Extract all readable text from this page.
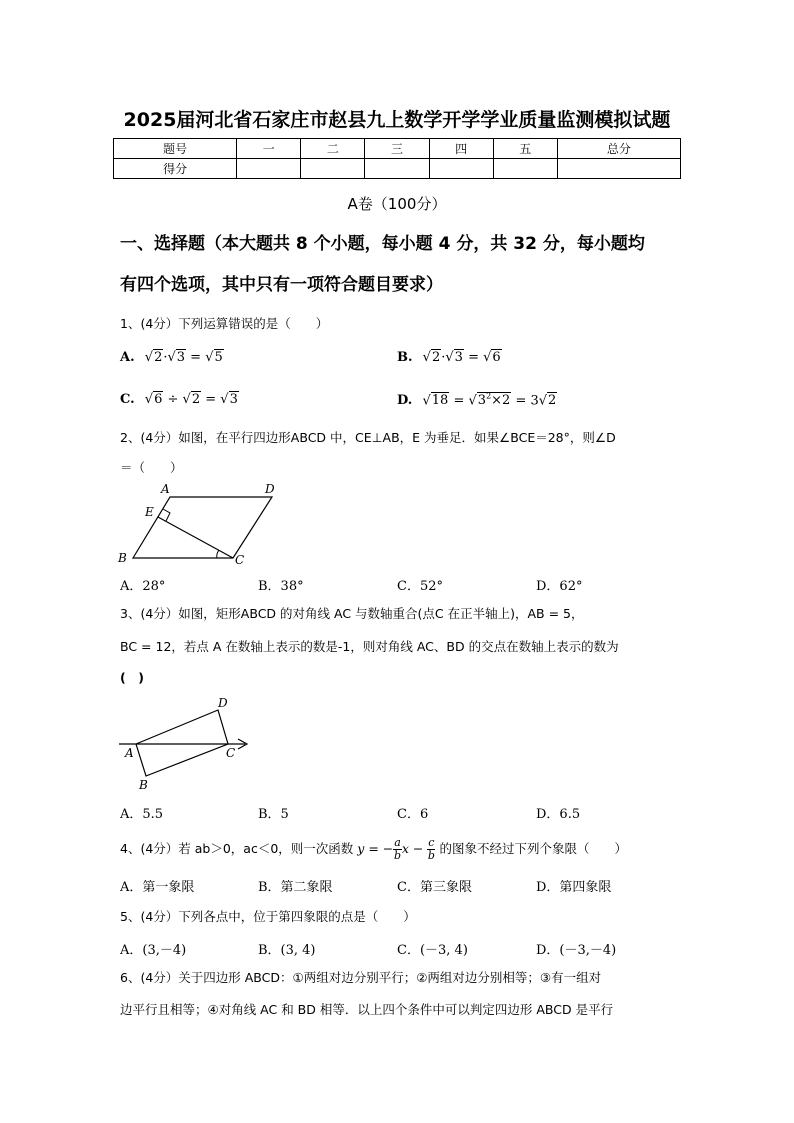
2025届河北省石家庄市赵县九上数学开学学业质量监测模拟试题
题号	一	二	三	四	五	总分
得分						
A卷（100分）
一、选择题（本大题共 8 个小题，每小题 4 分，共 32 分，每小题均
有四个选项，其中只有一项符合题目要求）
1、(4分）下列运算错误的是（　　）
A. √2·√3 = √5	B. √2·√3 = √6
C. √6 ÷ √2 = √3	D. $√18 = √3^2\times 2 = 3√2$
2、(4分）如图，在平行四边形ABCD 中，CE⊥AB，E 为垂足．如果∠BCE＝28°，则∠D
＝（　　）
A	D
E
B	C
A．28°	B．38°	C．52°	D．62°
3、(4分）如图，矩形ABCD 的对角线 AC 与数轴重合(点C 在正半轴上)，AB = 5，
BC = 12，若点 A 在数轴上表示的数是-1，则对角线 AC、BD 的交点在数轴上表示的数为
(　)
D
A	C
B
A．5.5	B．5	C．6	D．6.5
4、(4分）若 ab＞0，ac＜0，则一次函数 y = − $\frac{a}{b}$ $x - \frac{c}{b}$ 的图象不经过下列个象限（　　）
A．第一象限	B．第二象限	C．第三象限	D．第四象限
5、(4分）下列各点中，位于第四象限的点是（　　）
A．(3,－4)	B．(3, 4)	C．(－3, 4)	D．(－3,－4)
6、(4分）关于四边形 ABCD：①两组对边分别平行；②两组对边分别相等；③有一组对
边平行且相等；④对角线 AC 和 BD 相等．以上四个条件中可以判定四边形 ABCD 是平行
